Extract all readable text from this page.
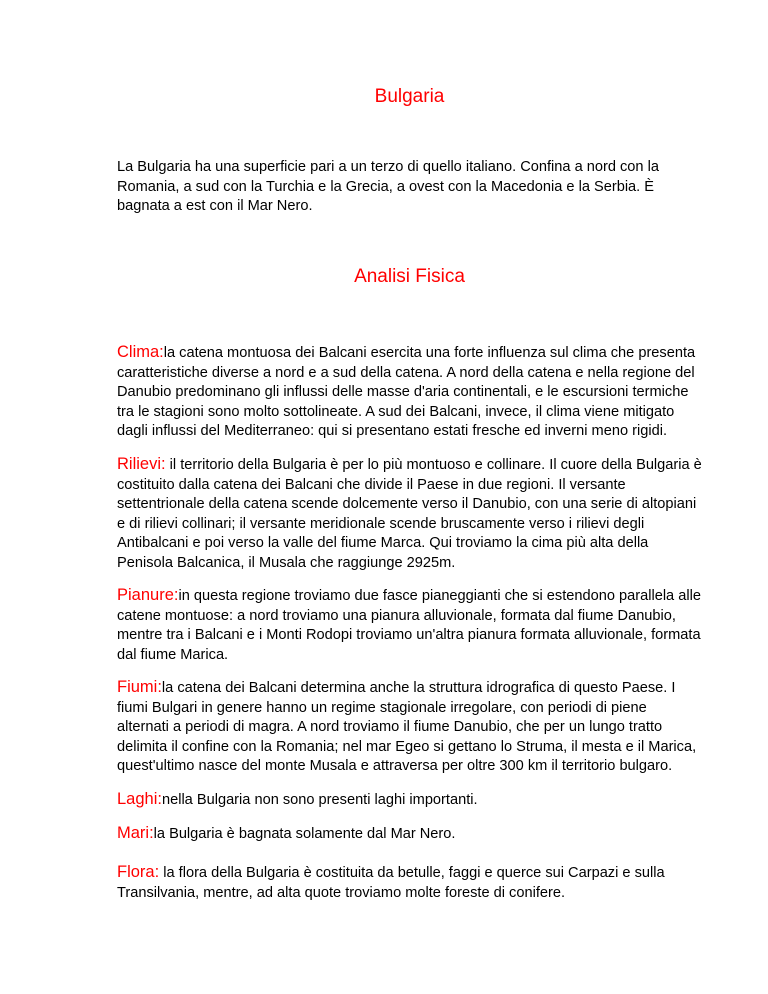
Bulgaria

La Bulgaria ha una superficie pari a un terzo di quello italiano. Confina a nord con la Romania, a sud con la Turchia e la Grecia, a ovest con la Macedonia e la Serbia. È bagnata a est con il Mar Nero.

Analisi Fisica

Clima:la catena montuosa dei Balcani esercita una forte influenza sul clima che presenta caratteristiche diverse a nord e a sud della catena. A nord della catena e nella regione del Danubio predominano gli influssi delle masse d'aria continentali, e le escursioni termiche tra le stagioni sono molto sottolineate. A sud dei Balcani, invece, il clima viene mitigato dagli influssi del Mediterraneo: qui si presentano estati fresche ed inverni meno rigidi.

Rilievi: il territorio della Bulgaria è per lo più montuoso e collinare. Il cuore della Bulgaria è costituito dalla catena dei Balcani che divide il Paese in due regioni. Il versante settentrionale della catena scende dolcemente verso il Danubio, con una serie di altopiani e di rilievi collinari; il versante meridionale scende bruscamente verso i rilievi degli Antibalcani e poi verso la valle del fiume Marca. Qui troviamo la cima più alta della Penisola Balcanica, il Musala che raggiunge 2925m.

Pianure:in questa regione troviamo due fasce pianeggianti che si estendono parallela alle catene montuose: a nord troviamo una pianura alluvionale, formata dal fiume Danubio, mentre tra i Balcani e i Monti Rodopi troviamo un'altra pianura formata alluvionale, formata dal fiume Marica.

Fiumi:la catena dei Balcani determina anche la struttura idrografica di questo Paese. I fiumi Bulgari in genere hanno un regime stagionale irregolare, con periodi di piene alternati a periodi di magra. A nord troviamo il fiume Danubio, che per un lungo tratto delimita il confine con la Romania; nel mar Egeo si gettano lo Struma, il mesta e il Marica, quest'ultimo nasce del monte Musala e attraversa per oltre 300 km il territorio bulgaro.

Laghi:nella Bulgaria non sono presenti laghi importanti.

Mari:la Bulgaria è bagnata solamente dal Mar Nero.

Flora: la flora della Bulgaria è costituita da betulle, faggi e querce sui Carpazi e sulla Transilvania, mentre, ad alta quote troviamo molte foreste di conifere.
